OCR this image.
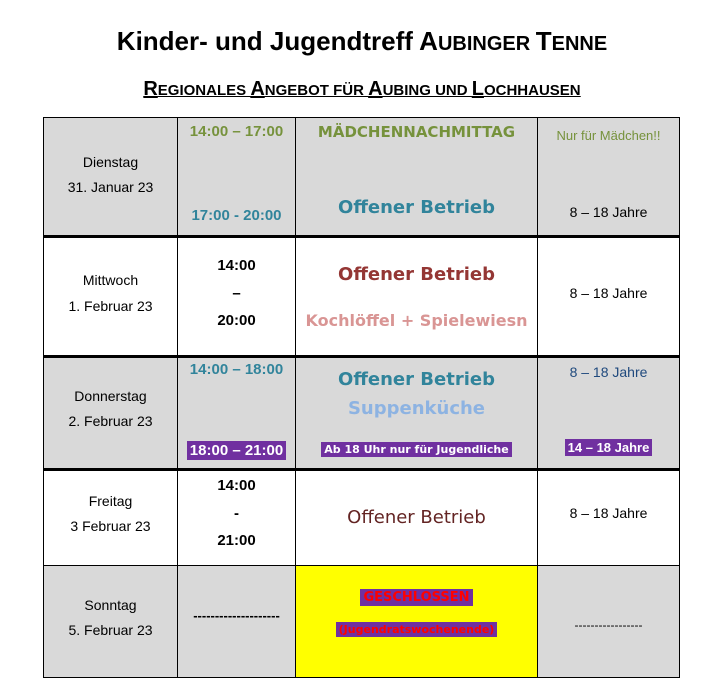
Kinder- und Jugendtreff AUBINGER TENNE
REGIONALES ANGEBOT FÜR AUBING UND LOCHHAUSEN
Dienstag
31. Januar 23
14:00 – 17:00
17:00 - 20:00
MÄDCHENNACHMITTAG
Offener Betrieb
Nur für Mädchen!!
8 – 18 Jahre
Mittwoch
1. Februar 23
14:00
–
20:00
Offener Betrieb
Kochlöffel + Spielewiesn
8 – 18 Jahre
Donnerstag
2. Februar 23
14:00 – 18:00
18:00 – 21:00
Offener Betrieb
Suppenküche
Ab 18 Uhr nur für Jugendliche
8 – 18 Jahre
14 – 18 Jahre
Freitag
3 Februar 23
14:00
-
21:00
Offener Betrieb	8 – 18 Jahre
Sonntag
5. Februar 23
--------------------
GESCHLOSSEN
(Jugendratswochenende)	-----------------
